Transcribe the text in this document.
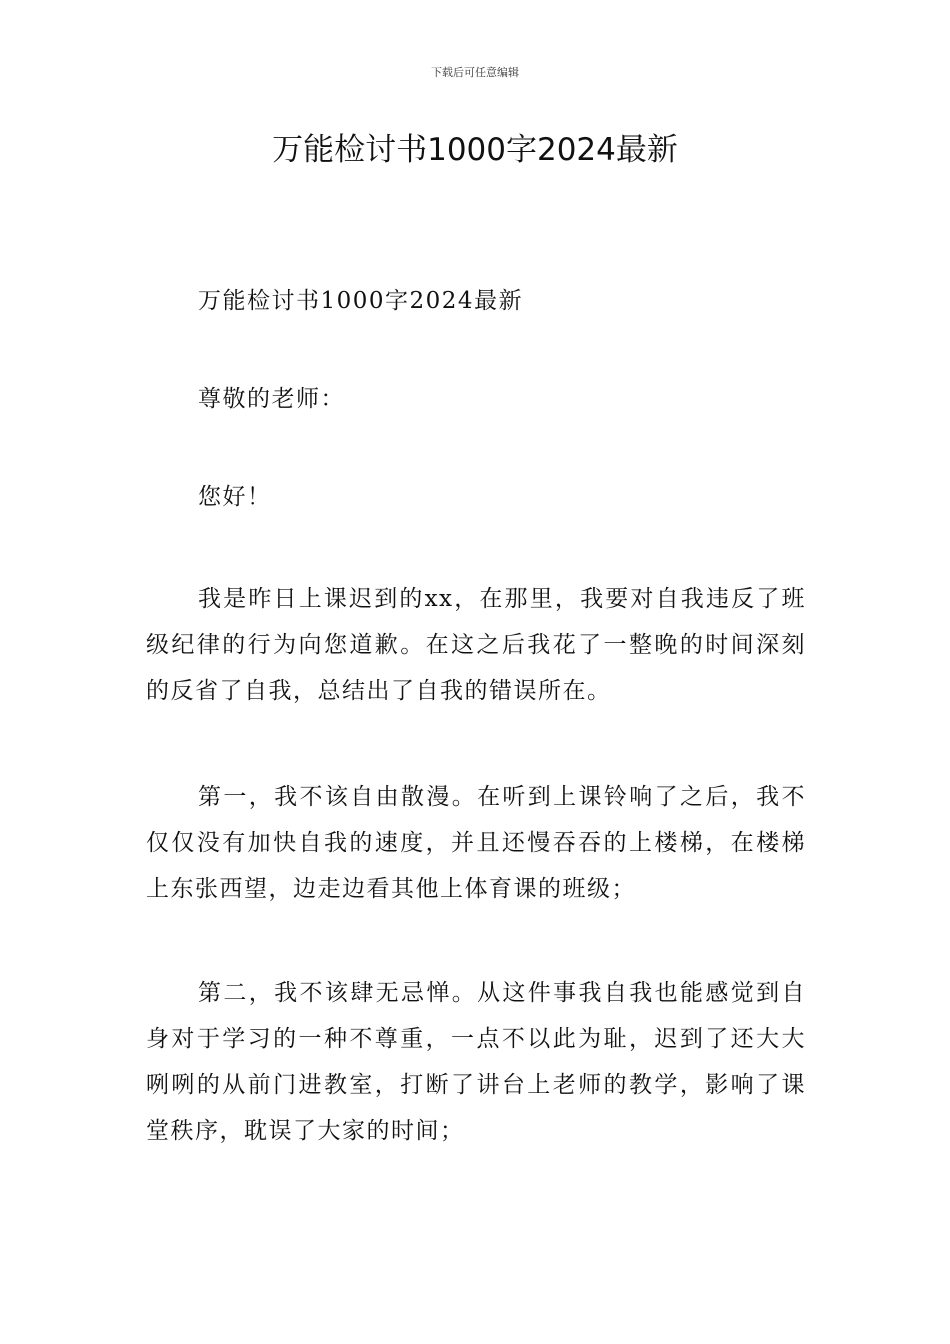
下载后可任意编辑
万能检讨书1000字2024最新

万能检讨书1000字2024最新

尊敬的老师：

您好！

我是昨日上课迟到的xx，在那里，我要对自我违反了班级纪律的行为向您道歉。在这之后我花了一整晚的时间深刻的反省了自我，总结出了自我的错误所在。

第一，我不该自由散漫。在听到上课铃响了之后，我不仅仅没有加快自我的速度，并且还慢吞吞的上楼梯，在楼梯上东张西望，边走边看其他上体育课的班级；

第二，我不该肆无忌惮。从这件事我自我也能感觉到自身对于学习的一种不尊重，一点不以此为耻，迟到了还大大咧咧的从前门进教室，打断了讲台上老师的教学，影响了课堂秩序，耽误了大家的时间；
